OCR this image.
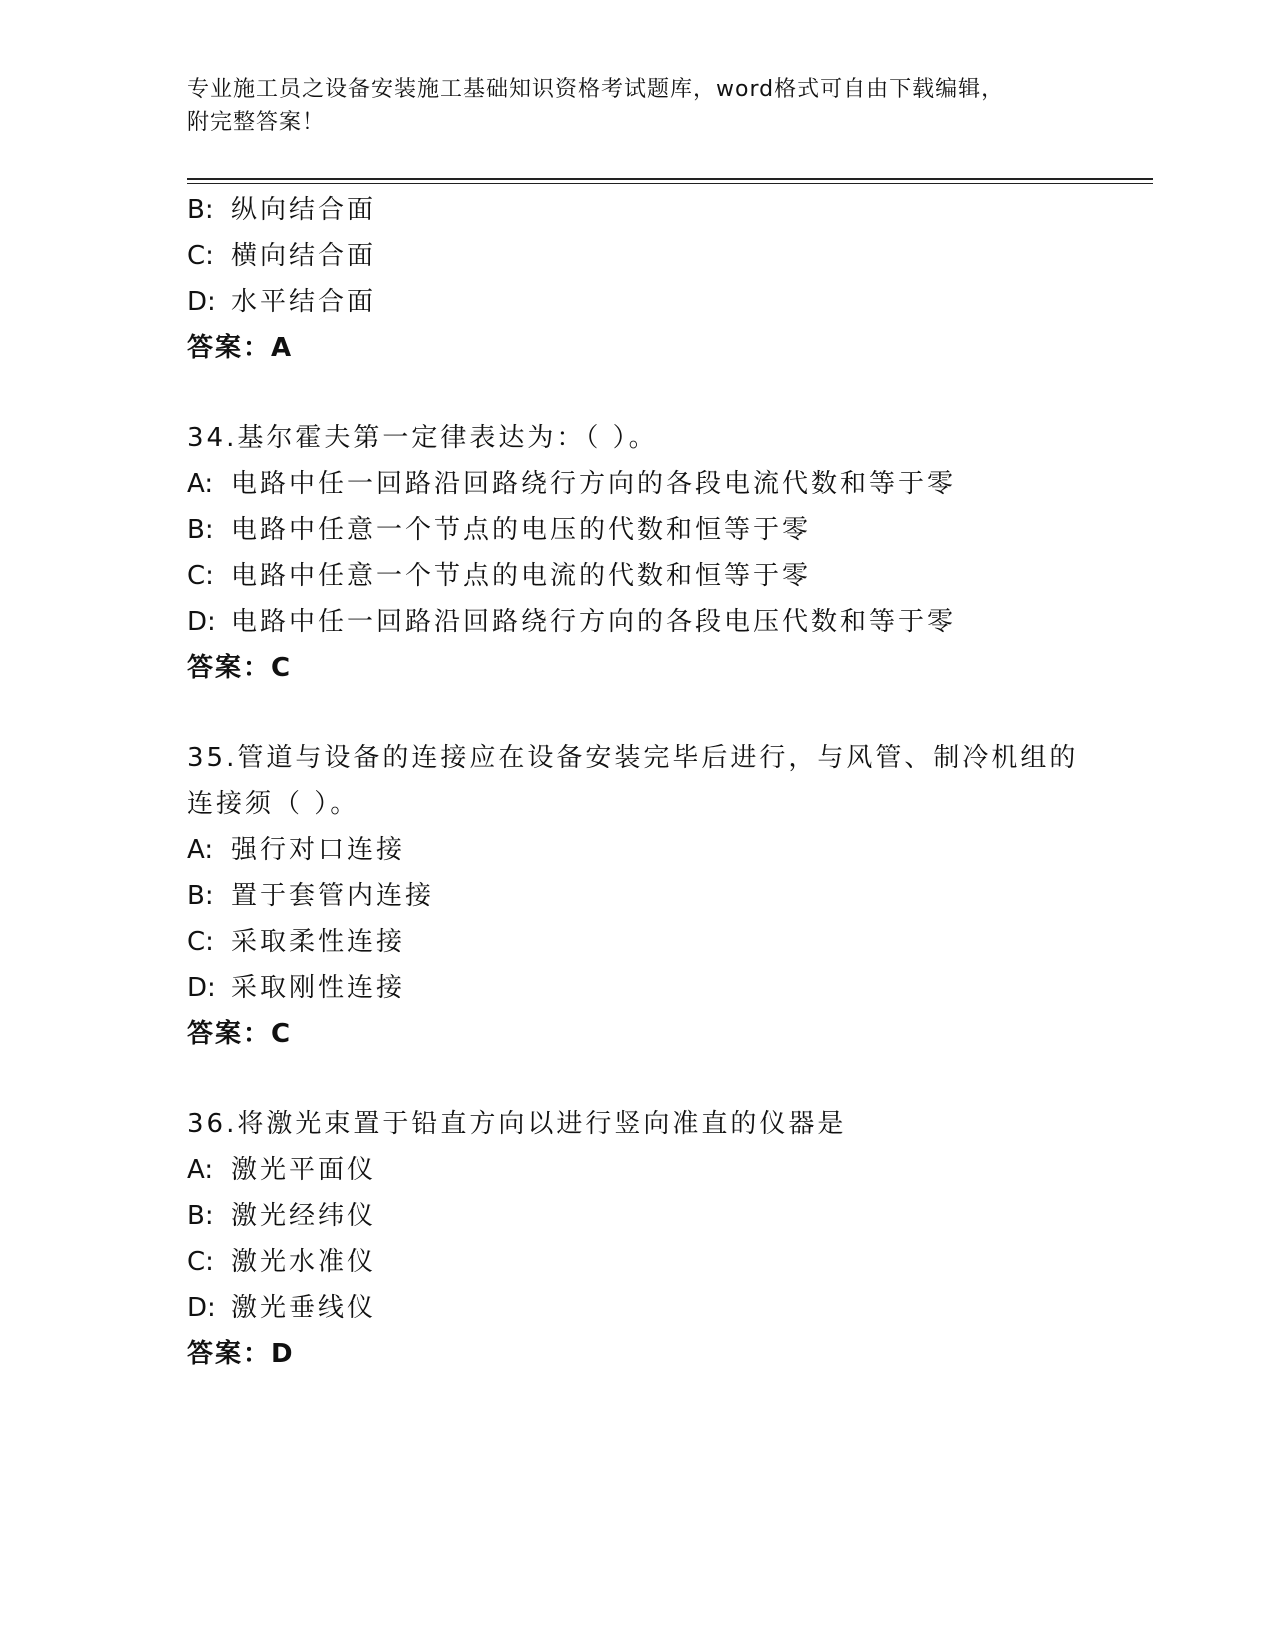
专业施工员之设备安装施工基础知识资格考试题库，word格式可自由下载编辑，
附完整答案！
B: 纵向结合面
C: 横向结合面
D: 水平结合面
答案：A
34.基尔霍夫第一定律表达为：（ ）。
A: 电路中任一回路沿回路绕行方向的各段电流代数和等于零
B: 电路中任意一个节点的电压的代数和恒等于零
C: 电路中任意一个节点的电流的代数和恒等于零
D: 电路中任一回路沿回路绕行方向的各段电压代数和等于零
答案：C
35.管道与设备的连接应在设备安装完毕后进行，与风管、制冷机组的
连接须（ ）。
A: 强行对口连接
B: 置于套管内连接
C: 采取柔性连接
D: 采取刚性连接
答案：C
36.将激光束置于铅直方向以进行竖向准直的仪器是
A: 激光平面仪
B: 激光经纬仪
C: 激光水准仪
D: 激光垂线仪
答案：D
